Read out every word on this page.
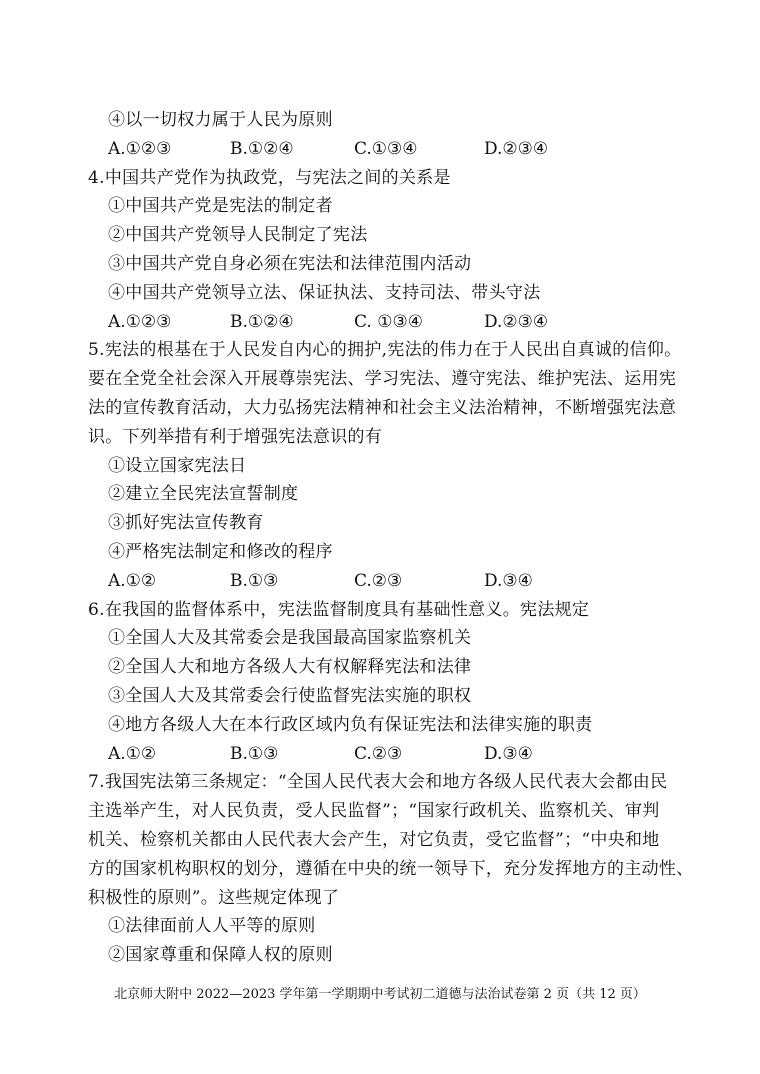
④以一切权力属于人民为原则
A.①②③	B.①②④	C.①③④	D.②③④
4.中国共产党作为执政党，与宪法之间的关系是
①中国共产党是宪法的制定者
②中国共产党领导人民制定了宪法
③中国共产党自身必须在宪法和法律范围内活动
④中国共产党领导立法、保证执法、支持司法、带头守法
A.①②③	B.①②④	C. ①③④	D.②③④
5.宪法的根基在于人民发自内心的拥护,宪法的伟力在于人民出自真诚的信仰。
要在全党全社会深入开展尊崇宪法、学习宪法、遵守宪法、维护宪法、运用宪
法的宣传教育活动，大力弘扬宪法精神和社会主义法治精神，不断增强宪法意
识。下列举措有利于增强宪法意识的有
①设立国家宪法日
②建立全民宪法宣誓制度
③抓好宪法宣传教育
④严格宪法制定和修改的程序
A.①②	B.①③	C.②③	D.③④
6.在我国的监督体系中，宪法监督制度具有基础性意义。宪法规定
①全国人大及其常委会是我国最高国家监察机关
②全国人大和地方各级人大有权解释宪法和法律
③全国人大及其常委会行使监督宪法实施的职权
④地方各级人大在本行政区域内负有保证宪法和法律实施的职责
A.①②	B.①③	C.②③	D.③④
7.我国宪法第三条规定：“全国人民代表大会和地方各级人民代表大会都由民
主选举产生，对人民负责，受人民监督”；“国家行政机关、监察机关、审判
机关、检察机关都由人民代表大会产生，对它负责，受它监督”；“中央和地
方的国家机构职权的划分，遵循在中央的统一领导下，充分发挥地方的主动性、
积极性的原则”。这些规定体现了
①法律面前人人平等的原则
②国家尊重和保障人权的原则
北京师大附中 2022—2023 学年第一学期期中考试初二道德与法治试卷第 2 页（共 12 页）
